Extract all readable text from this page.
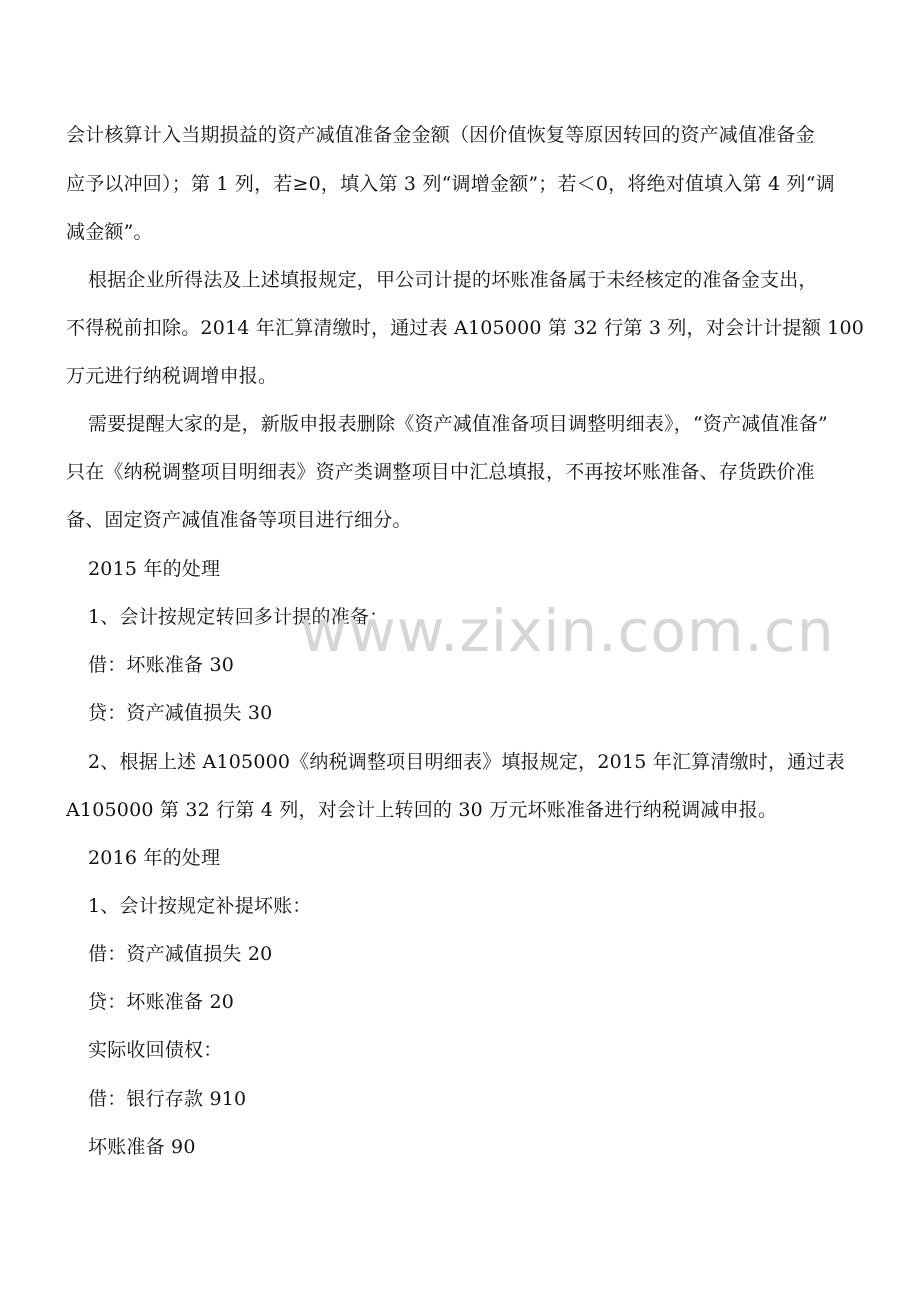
会计核算计入当期损益的资产减值准备金金额（因价值恢复等原因转回的资产减值准备金
应予以冲回）；第 1 列，若≥0，填入第 3 列“调增金额”；若＜0，将绝对值填入第 4 列“调
减金额”。
根据企业所得法及上述填报规定，甲公司计提的坏账准备属于未经核定的准备金支出，
不得税前扣除。2014 年汇算清缴时，通过表 A105000 第 32 行第 3 列，对会计计提额 100
万元进行纳税调增申报。
需要提醒大家的是，新版申报表删除《资产减值准备项目调整明细表》，“资产减值准备”
只在《纳税调整项目明细表》资产类调整项目中汇总填报，不再按坏账准备、存货跌价准
备、固定资产减值准备等项目进行细分。
2015 年的处理
1、会计按规定转回多计提的准备：
借：坏账准备 30
贷：资产减值损失 30
2、根据上述 A105000《纳税调整项目明细表》填报规定，2015 年汇算清缴时，通过表
A105000 第 32 行第 4 列，对会计上转回的 30 万元坏账准备进行纳税调减申报。
2016 年的处理
1、会计按规定补提坏账：
借：资产减值损失 20
贷：坏账准备 20
实际收回债权：
借：银行存款 910
坏账准备 90
www.zixin.com.cn
